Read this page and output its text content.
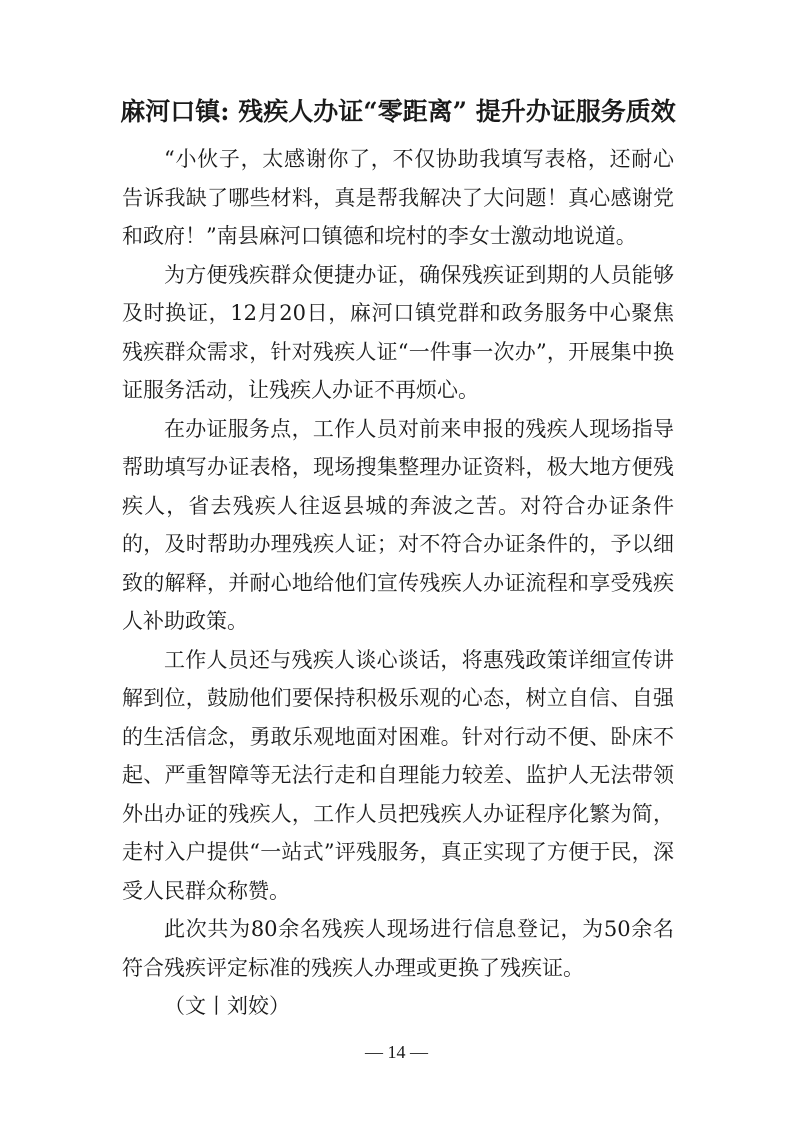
麻河口镇: 残疾人办证“零距离” 提升办证服务质效

“小伙子，太感谢你了，不仅协助我填写表格，还耐心告诉我缺了哪些材料，真是帮我解决了大问题！真心感谢党和政府！”南县麻河口镇德和垸村的李女士激动地说道。

为方便残疾群众便捷办证，确保残疾证到期的人员能够及时换证，12月20日，麻河口镇党群和政务服务中心聚焦残疾群众需求，针对残疾人证“一件事一次办”，开展集中换证服务活动，让残疾人办证不再烦心。

在办证服务点，工作人员对前来申报的残疾人现场指导帮助填写办证表格，现场搜集整理办证资料，极大地方便残疾人，省去残疾人往返县城的奔波之苦。对符合办证条件的，及时帮助办理残疾人证；对不符合办证条件的，予以细致的解释，并耐心地给他们宣传残疾人办证流程和享受残疾人补助政策。

工作人员还与残疾人谈心谈话，将惠残政策详细宣传讲解到位，鼓励他们要保持积极乐观的心态，树立自信、自强的生活信念，勇敢乐观地面对困难。针对行动不便、卧床不起、严重智障等无法行走和自理能力较差、监护人无法带领外出办证的残疾人，工作人员把残疾人办证程序化繁为简，走村入户提供“一站式”评残服务，真正实现了方便于民，深受人民群众称赞。

此次共为80余名残疾人现场进行信息登记，为50余名符合残疾评定标准的残疾人办理或更换了残疾证。

（文丨刘姣）

— 14 —
